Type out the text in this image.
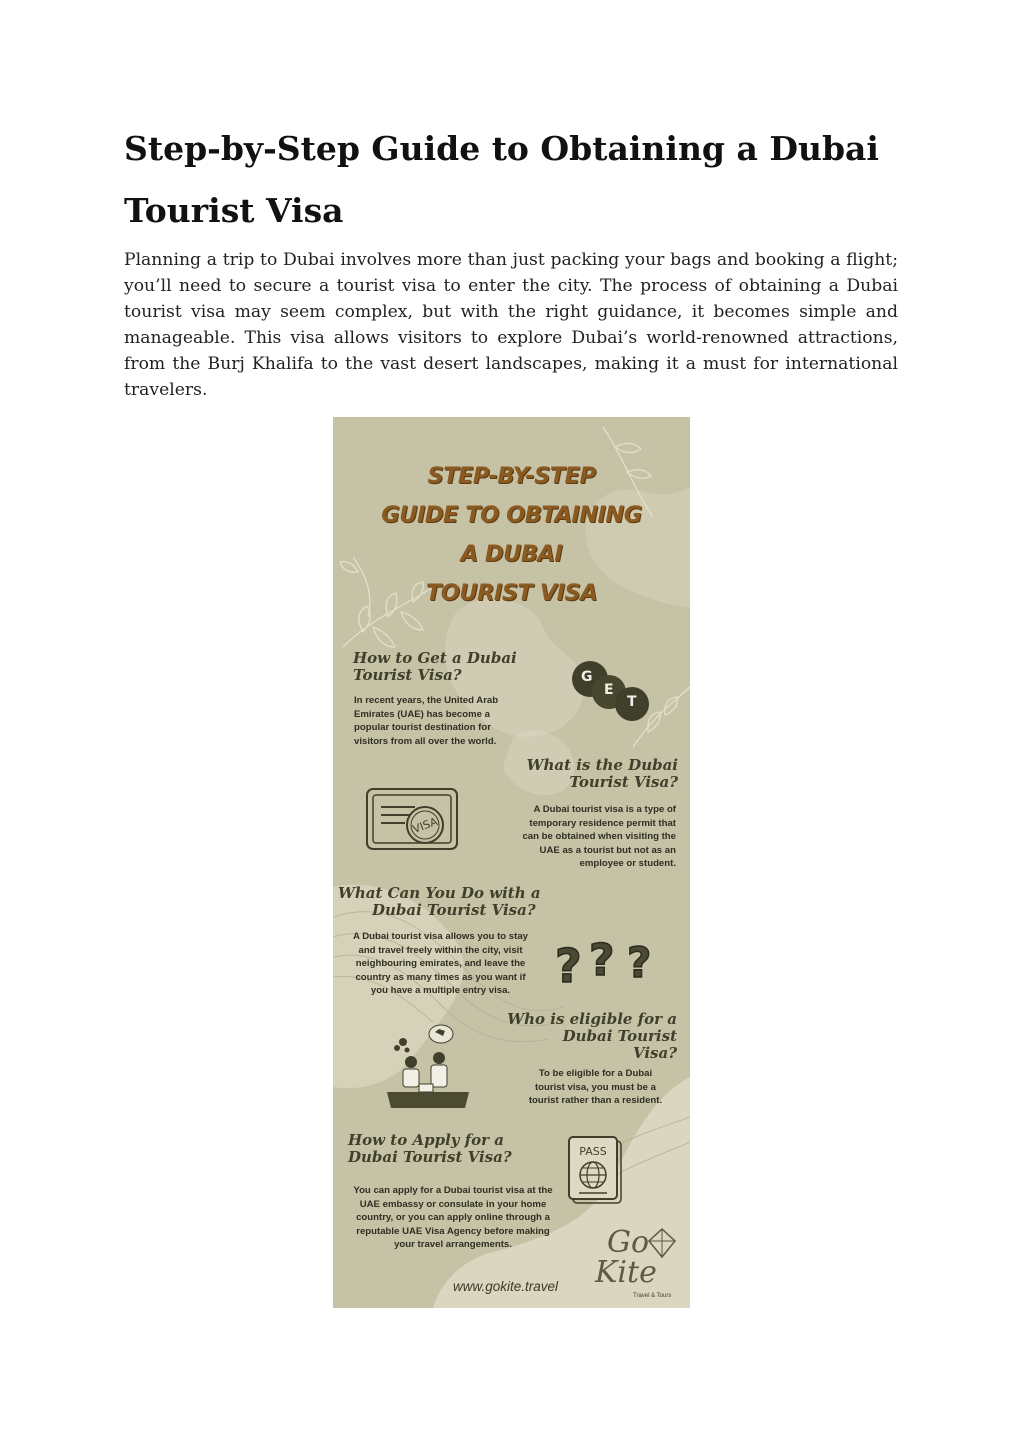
Step-by-Step Guide to Obtaining a Dubai Tourist Visa

Planning a trip to Dubai involves more than just packing your bags and booking a flight; you’ll need to secure a tourist visa to enter the city. The process of obtaining a Dubai tourist visa may seem complex, but with the right guidance, it becomes simple and manageable. This visa allows visitors to explore Dubai’s world-renowned attractions, from the Burj Khalifa to the vast desert landscapes, making it a must for international travelers.

STEP-BY-STEP
GUIDE TO OBTAINING
A DUBAI
TOURIST VISA
G
E
T
How to Get a Dubai
Tourist Visa?
In recent years, the United Arab
Emirates (UAE) has become a
popular tourist destination for
visitors from all over the world.
What is the Dubai
Tourist Visa?
A Dubai tourist visa is a type of
temporary residence permit that
can be obtained when visiting the
UAE as a tourist but not as an
employee or student.
VISA
What Can You Do with a
Dubai Tourist Visa?
A Dubai tourist visa allows you to stay
and travel freely within the city, visit
neighbouring emirates, and leave the
country as many times as you want if
you have a multiple entry visa. ? ? ?
Who is eligible for a
Dubai Tourist
Visa?
To be eligible for a Dubai
tourist visa, you must be a
tourist rather than a resident.
How to Apply for a
Dubai Tourist Visa?
You can apply for a Dubai tourist visa at the
UAE embassy or consulate in your home
country, or you can apply online through a
reputable UAE Visa Agency before making
your travel arrangements.
PASS
www.gokite.travel
Go
Kite
Travel & Tours
